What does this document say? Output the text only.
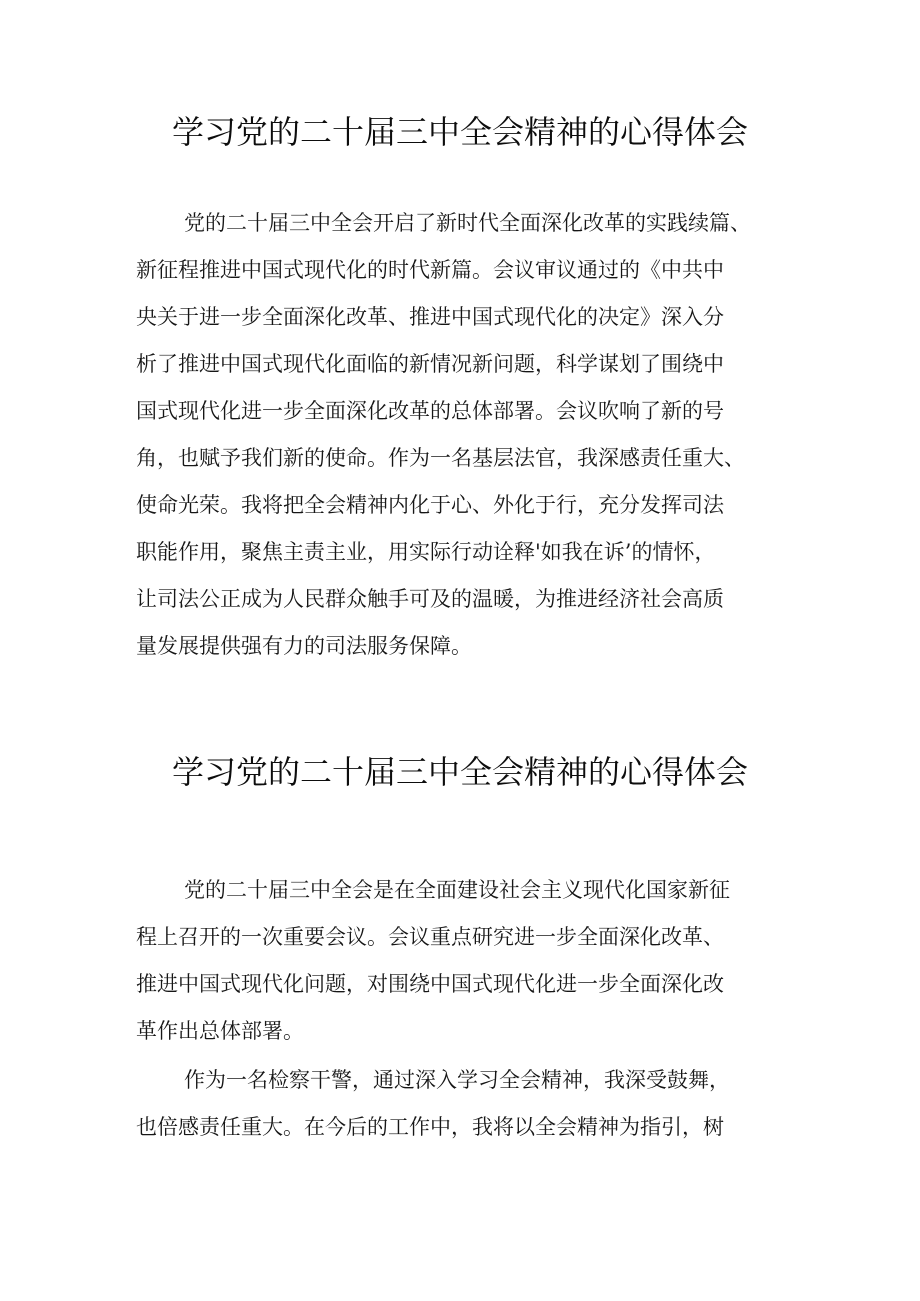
学习党的二十届三中全会精神的心得体会

党的二十届三中全会开启了新时代全面深化改革的实践续篇、

新征程推进中国式现代化的时代新篇。会议审议通过的《中共中

央关于进一步全面深化改革、推进中国式现代化的决定》深入分

析了推进中国式现代化面临的新情况新问题，科学谋划了围绕中

国式现代化进一步全面深化改革的总体部署。会议吹响了新的号

角，也赋予我们新的使命。作为一名基层法官，我深感责任重大、

使命光荣。我将把全会精神内化于心、外化于行，充分发挥司法

职能作用，聚焦主责主业，用实际行动诠释'如我在诉’的情怀，

让司法公正成为人民群众触手可及的温暖，为推进经济社会高质

量发展提供强有力的司法服务保障。

学习党的二十届三中全会精神的心得体会

党的二十届三中全会是在全面建设社会主义现代化国家新征

程上召开的一次重要会议。会议重点研究进一步全面深化改革、

推进中国式现代化问题，对围绕中国式现代化进一步全面深化改

革作出总体部署。

作为一名检察干警，通过深入学习全会精神，我深受鼓舞，

也倍感责任重大。在今后的工作中，我将以全会精神为指引，树
